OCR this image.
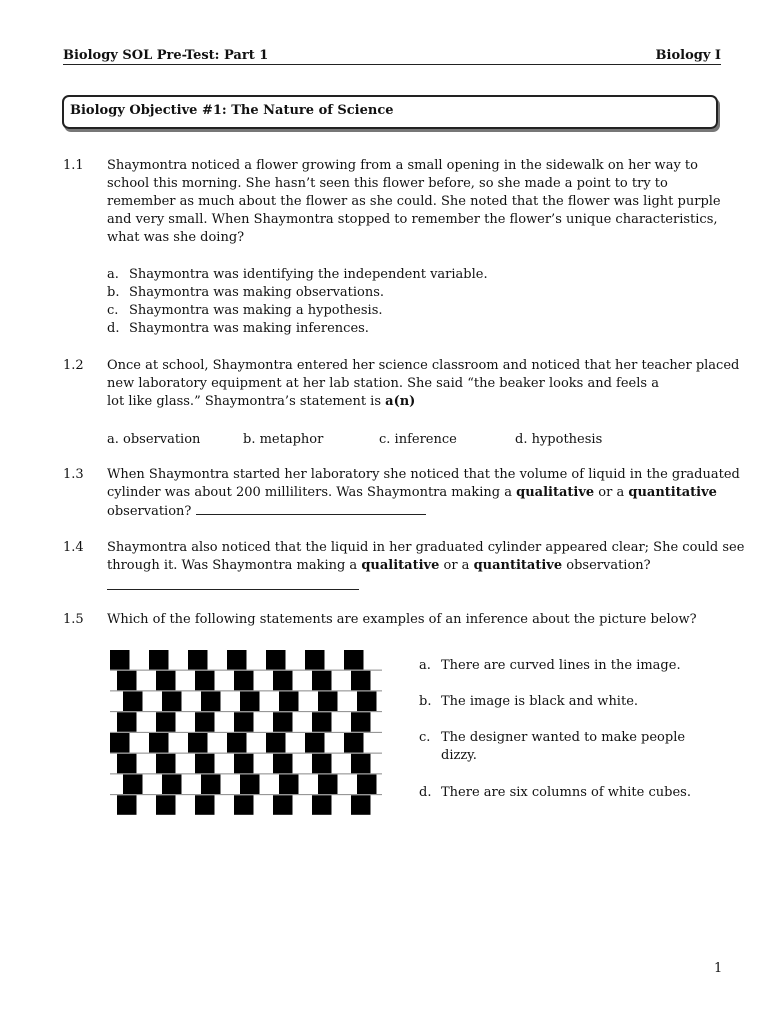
Biology SOL Pre-Test: Part 1	Biology I
Biology Objective #1: The Nature of Science
1.1 Shaymontra noticed a flower growing from a small opening in the sidewalk on her way to school this morning. She hasn’t seen this flower before, so she made a point to try to remember as much about the flower as she could. She noted that the flower was light purple and very small. When Shaymontra stopped to remember the flower’s unique characteristics, what was she doing?
a. Shaymontra was identifying the independent variable.
b. Shaymontra was making observations.
c. Shaymontra was making a hypothesis.
d. Shaymontra was making inferences.
1.2 Once at school, Shaymontra entered her science classroom and noticed that her teacher placed
new laboratory equipment at her lab station. She said “the beaker looks and feels a
lot like glass.” Shaymontra’s statement is a(n)
a. observation	b. metaphor	c. inference	d. hypothesis
1.3 When Shaymontra started her laboratory she noticed that the volume of liquid in the graduated
cylinder was about 200 milliliters. Was Shaymontra making a qualitative or a quantitative
observation?
1.4 Shaymontra also noticed that the liquid in her graduated cylinder appeared clear; She could see
through it. Was Shaymontra making a qualitative or a quantitative observation?
1.5 Which of the following statements are examples of an inference about the picture below?
a. There are curved lines in the image.
b. The image is black and white.
c. The designer wanted to make people dizzy.
d. There are six columns of white cubes.
1
